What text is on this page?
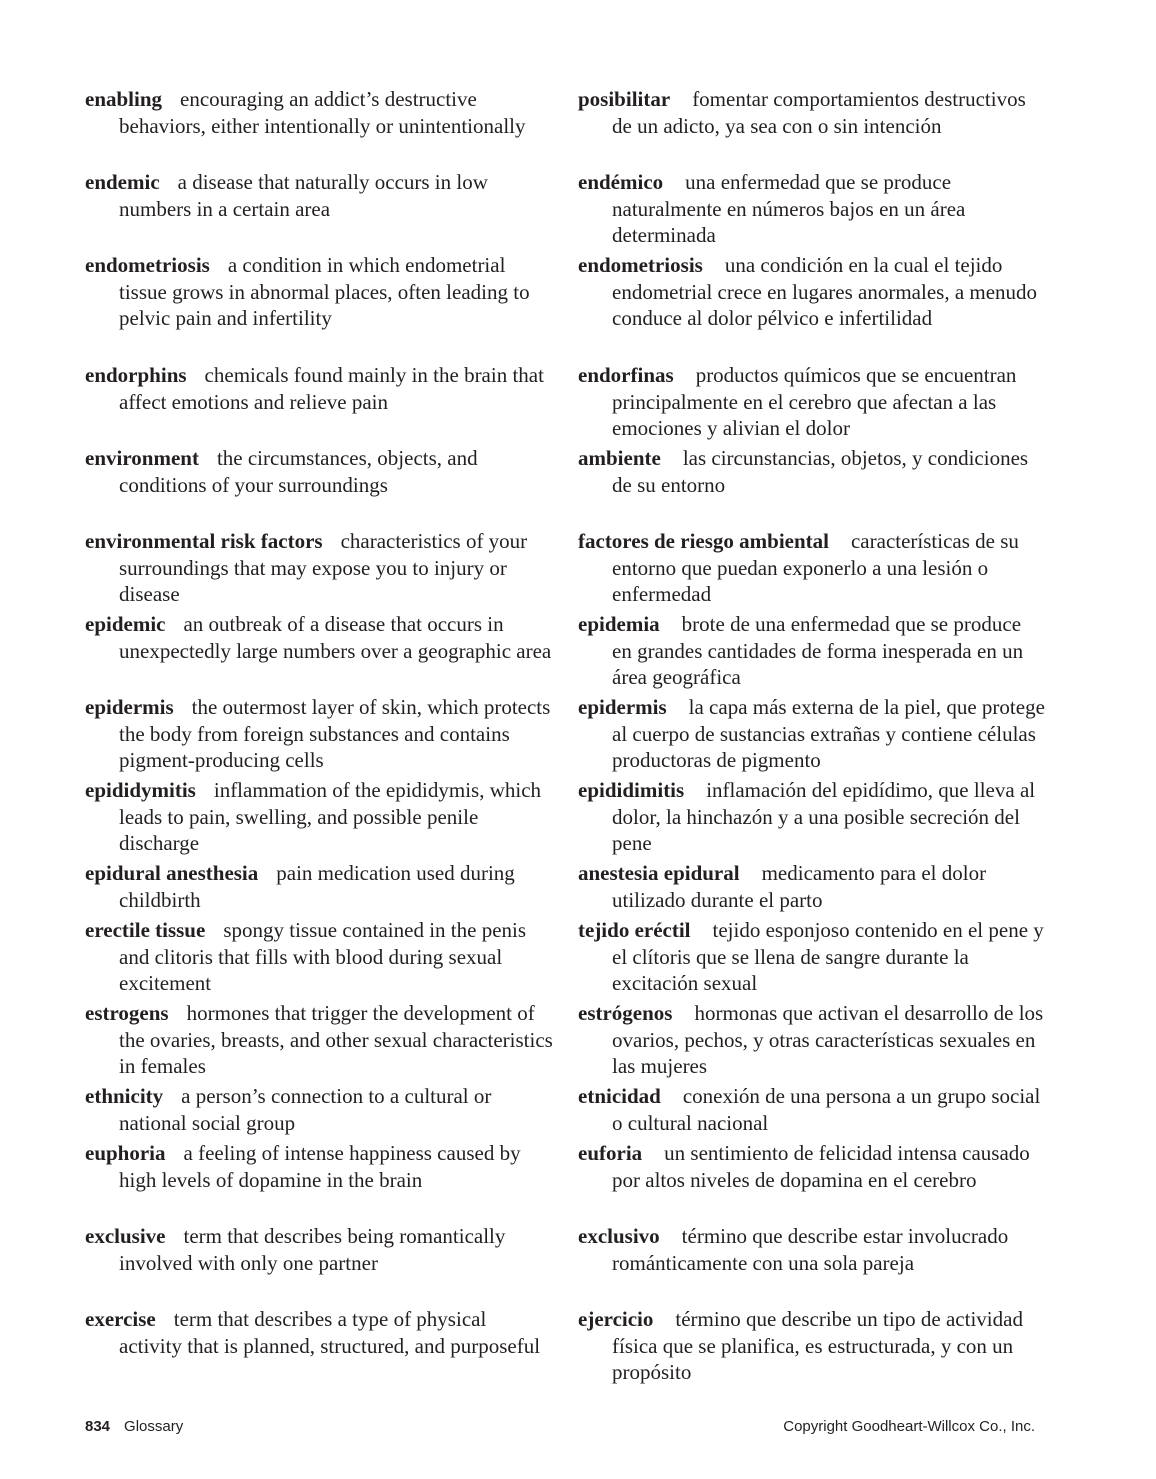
enabling encouraging an addict’s destructive behaviors, either intentionally or unintentionally
endemic a disease that naturally occurs in low numbers in a certain area
endometriosis a condition in which endometrial tissue grows in abnormal places, often leading to pelvic pain and infertility
endorphins chemicals found mainly in the brain that affect emotions and relieve pain
environment the circumstances, objects, and conditions of your surroundings
environmental risk factors characteristics of your surroundings that may expose you to injury or disease
epidemic an outbreak of a disease that occurs in unexpectedly large numbers over a geographic area
epidermis the outermost layer of skin, which protects the body from foreign substances and contains pigment-producing cells
epididymitis inflammation of the epididymis, which leads to pain, swelling, and possible penile discharge
epidural anesthesia pain medication used during childbirth
erectile tissue spongy tissue contained in the penis and clitoris that fills with blood during sexual excitement
estrogens hormones that trigger the development of the ovaries, breasts, and other sexual characteristics in females
ethnicity a person’s connection to a cultural or national social group
euphoria a feeling of intense happiness caused by high levels of dopamine in the brain
exclusive term that describes being romantically involved with only one partner
exercise term that describes a type of physical activity that is planned, structured, and purposeful
posibilitar fomentar comportamientos destructivos de un adicto, ya sea con o sin intención
endémico una enfermedad que se produce naturalmente en números bajos en un área determinada
endometriosis una condición en la cual el tejido endometrial crece en lugares anormales, a menudo conduce al dolor pélvico e infertilidad
endorfinas productos químicos que se encuentran principalmente en el cerebro que afectan a las emociones y alivian el dolor
ambiente las circunstancias, objetos, y condiciones de su entorno
factores de riesgo ambiental características de su entorno que puedan exponerlo a una lesión o enfermedad
epidemia brote de una enfermedad que se produce en grandes cantidades de forma inesperada en un área geográfica
epidermis la capa más externa de la piel, que protege al cuerpo de sustancias extrañas y contiene células productoras de pigmento
epididimitis inflamación del epidídimo, que lleva al dolor, la hinchazón y a una posible secreción del pene
anestesia epidural medicamento para el dolor utilizado durante el parto
tejido eréctil tejido esponjoso contenido en el pene y el clítoris que se llena de sangre durante la excitación sexual
estrógenos hormonas que activan el desarrollo de los ovarios, pechos, y otras características sexuales en las mujeres
etnicidad conexión de una persona a un grupo social o cultural nacional
euforia un sentimiento de felicidad intensa causado por altos niveles de dopamina en el cerebro
exclusivo término que describe estar involucrado románticamente con una sola pareja
ejercicio término que describe un tipo de actividad física que se planifica, es estructurada, y con un propósito
834 Glossary	Copyright Goodheart-Willcox Co., Inc.
